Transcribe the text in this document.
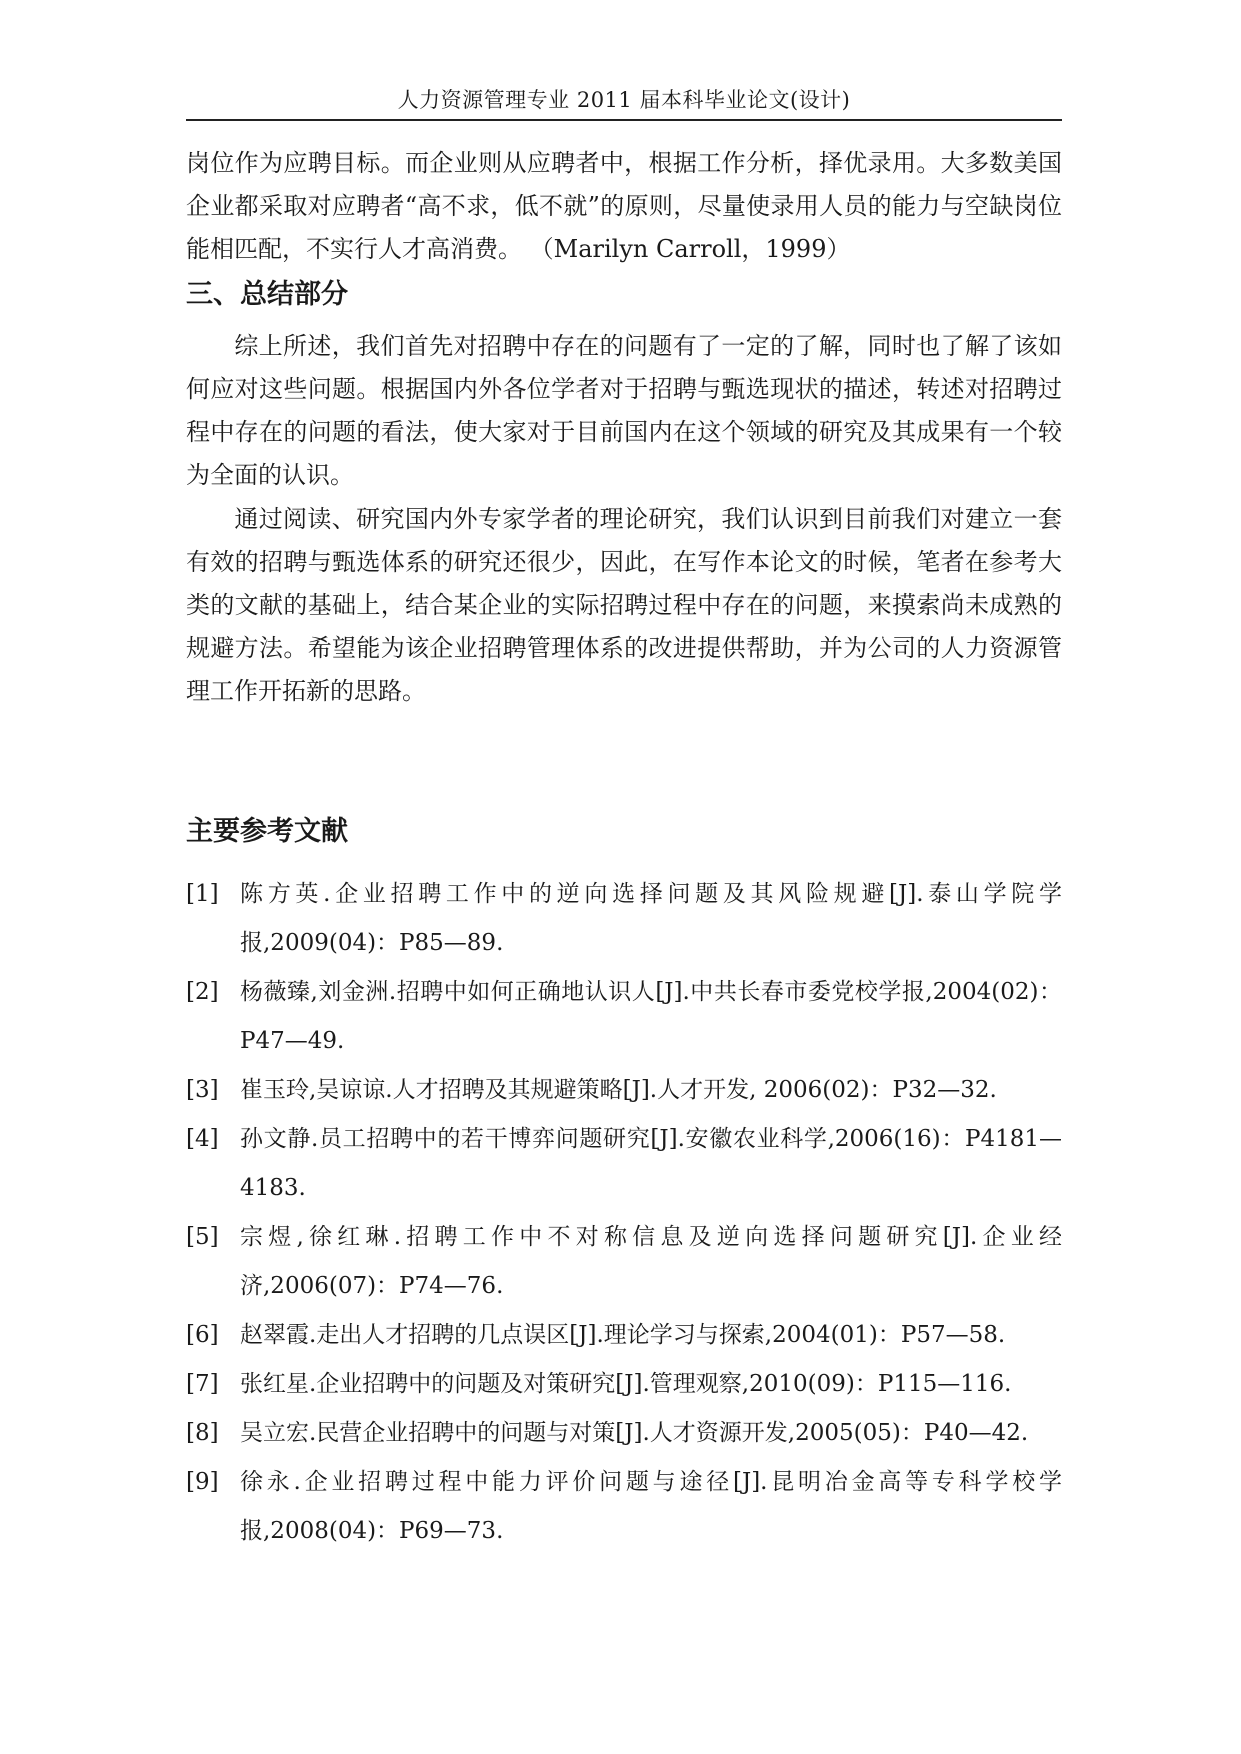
人力资源管理专业 2011 届本科毕业论文(设计)

岗位作为应聘目标。而企业则从应聘者中，根据工作分析，择优录用。大多数美国企业都采取对应聘者“高不求，低不就”的原则，尽量使录用人员的能力与空缺岗位能相匹配，不实行人才高消费。 （Marilyn Carroll，1999）

三、总结部分

综上所述，我们首先对招聘中存在的问题有了一定的了解，同时也了解了该如何应对这些问题。根据国内外各位学者对于招聘与甄选现状的描述，转述对招聘过程中存在的问题的看法，使大家对于目前国内在这个领域的研究及其成果有一个较为全面的认识。

通过阅读、研究国内外专家学者的理论研究，我们认识到目前我们对建立一套有效的招聘与甄选体系的研究还很少，因此，在写作本论文的时候，笔者在参考大类的文献的基础上，结合某企业的实际招聘过程中存在的问题，来摸索尚未成熟的规避方法。希望能为该企业招聘管理体系的改进提供帮助，并为公司的人力资源管理工作开拓新的思路。

主要参考文献
[1] 陈方英.企业招聘工作中的逆向选择问题及其风险规避[J].泰山学院学报,2009(04)：P85—89.
[2] 杨薇臻,刘金洲.招聘中如何正确地认识人[J].中共长春市委党校学报,2004(02)：P47—49.
[3] 崔玉玲,吴谅谅.人才招聘及其规避策略[J].人才开发, 2006(02)：P32—32.
[4] 孙文静.员工招聘中的若干博弈问题研究[J].安徽农业科学,2006(16)：P4181—4183.
[5] 宗煜,徐红琳.招聘工作中不对称信息及逆向选择问题研究[J].企业经济,2006(07)：P74—76.
[6] 赵翠霞.走出人才招聘的几点误区[J].理论学习与探索,2004(01)：P57—58.
[7] 张红星.企业招聘中的问题及对策研究[J].管理观察,2010(09)：P115—116.
[8] 吴立宏.民营企业招聘中的问题与对策[J].人才资源开发,2005(05)：P40—42.
[9] 徐永.企业招聘过程中能力评价问题与途径[J].昆明冶金高等专科学校学报,2008(04)：P69—73.
